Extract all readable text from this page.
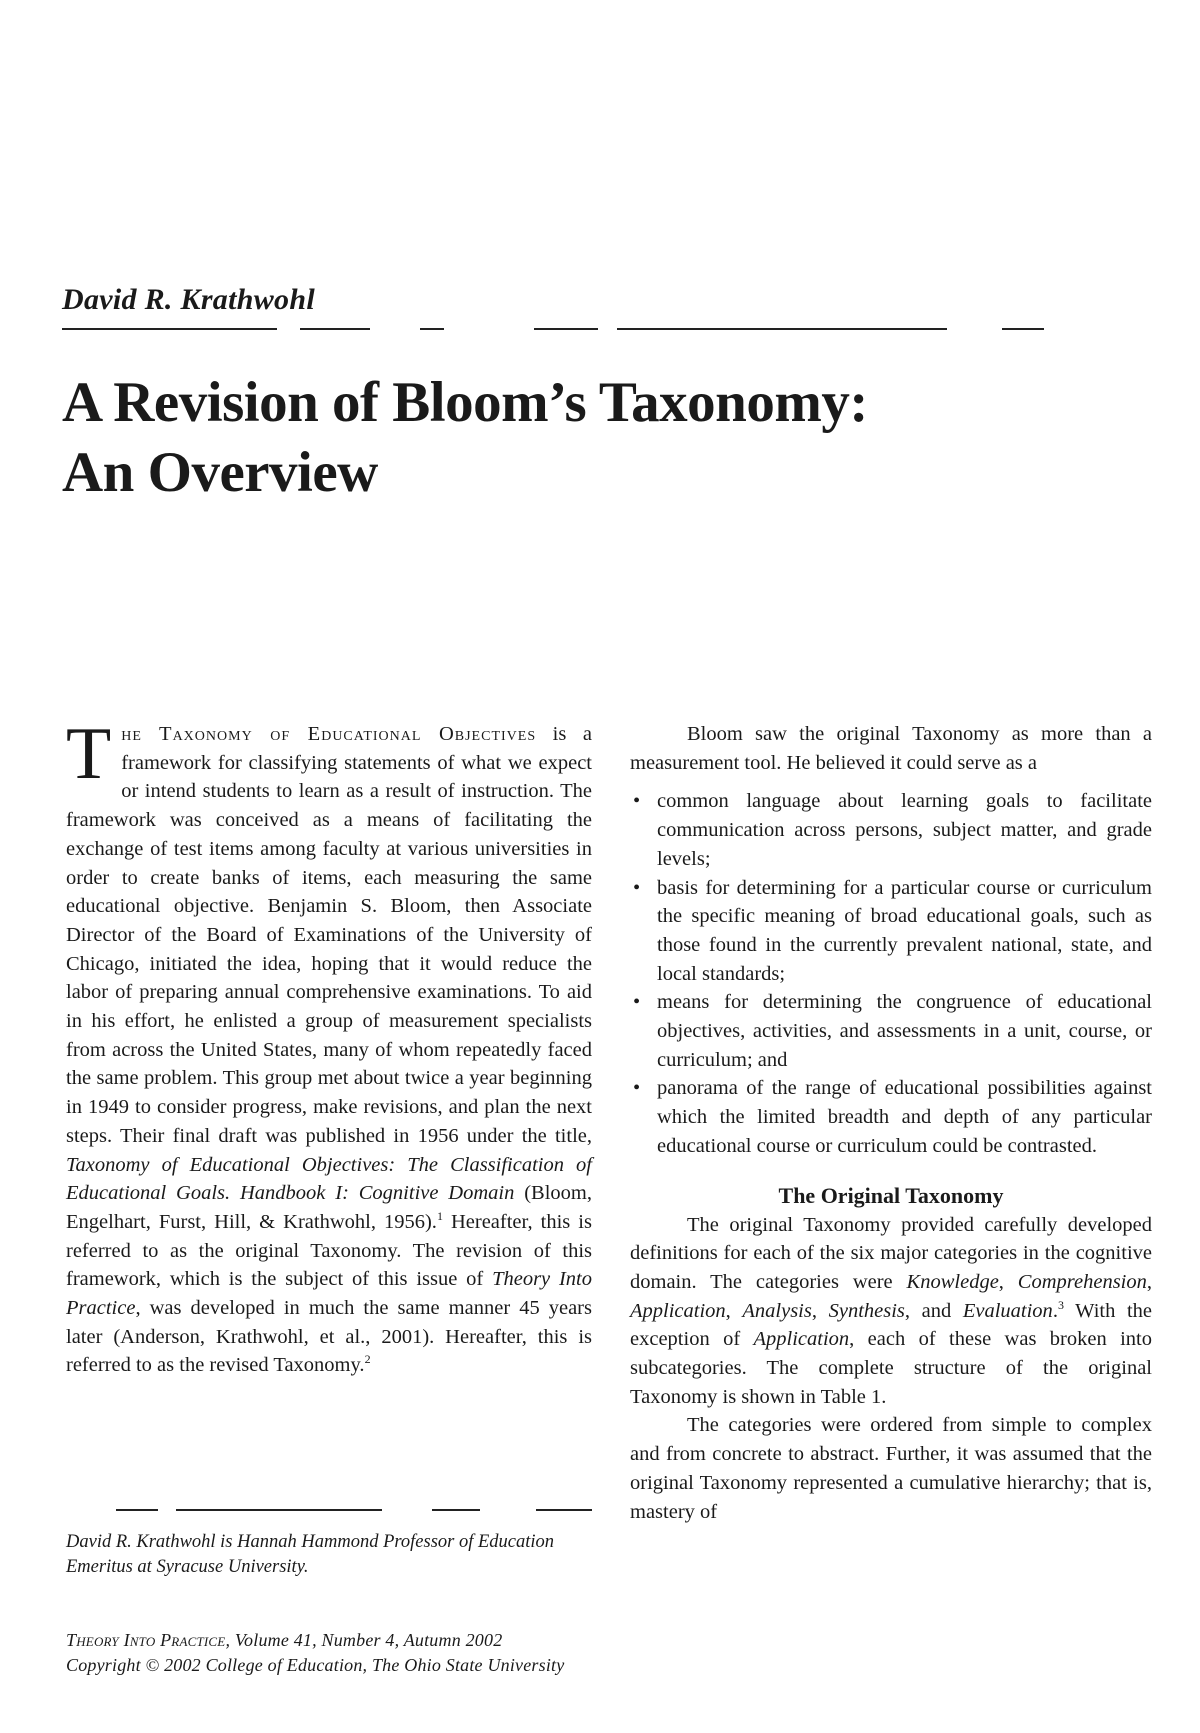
David R. Krathwohl
A Revision of Bloom’s Taxonomy:
An Overview

The Taxonomy of Educational Objectives is a framework for classifying statements of what we expect or intend students to learn as a result of instruction. The framework was conceived as a means of facilitating the exchange of test items among faculty at various universities in order to create banks of items, each measuring the same educational objective. Benjamin S. Bloom, then Associate Director of the Board of Examinations of the University of Chicago, initiated the idea, hoping that it would reduce the labor of preparing annual comprehensive examinations. To aid in his effort, he enlisted a group of measurement specialists from across the United States, many of whom repeatedly faced the same problem. This group met about twice a year beginning in 1949 to consider progress, make revisions, and plan the next steps. Their final draft was published in 1956 under the title, Taxonomy of Educational Objectives: The Classification of Educational Goals. Handbook I: Cognitive Domain (Bloom, Engelhart, Furst, Hill, & Krathwohl, 1956).$^1$ Hereafter, this is referred to as the original Taxonomy. The revision of this framework, which is the subject of this issue of Theory Into Practice, was developed in much the same manner 45 years later (Anderson, Krathwohl, et al., 2001). Hereafter, this is referred to as the revised Taxonomy.$^2$

David R. Krathwohl is Hannah Hammond Professor of Education Emeritus at Syracuse University.
Theory Into Practice, Volume 41, Number 4, Autumn 2002
Copyright © 2002 College of Education, The Ohio State University

Bloom saw the original Taxonomy as more than a measurement tool. He believed it could serve as a

• common language about learning goals to facilitate communication across persons, subject matter, and grade levels;
• basis for determining for a particular course or curriculum the specific meaning of broad educational goals, such as those found in the currently prevalent national, state, and local standards;
• means for determining the congruence of educational objectives, activities, and assessments in a unit, course, or curriculum; and
• panorama of the range of educational possibilities against which the limited breadth and depth of any particular educational course or curriculum could be contrasted.
The Original Taxonomy

The original Taxonomy provided carefully developed definitions for each of the six major categories in the cognitive domain. The categories were Knowledge, Comprehension, Application, Analysis, Synthesis, and Evaluation.$^3$ With the exception of Application, each of these was broken into subcategories. The complete structure of the original Taxonomy is shown in Table 1.

The categories were ordered from simple to complex and from concrete to abstract. Further, it was assumed that the original Taxonomy represented a cumulative hierarchy; that is, mastery of
